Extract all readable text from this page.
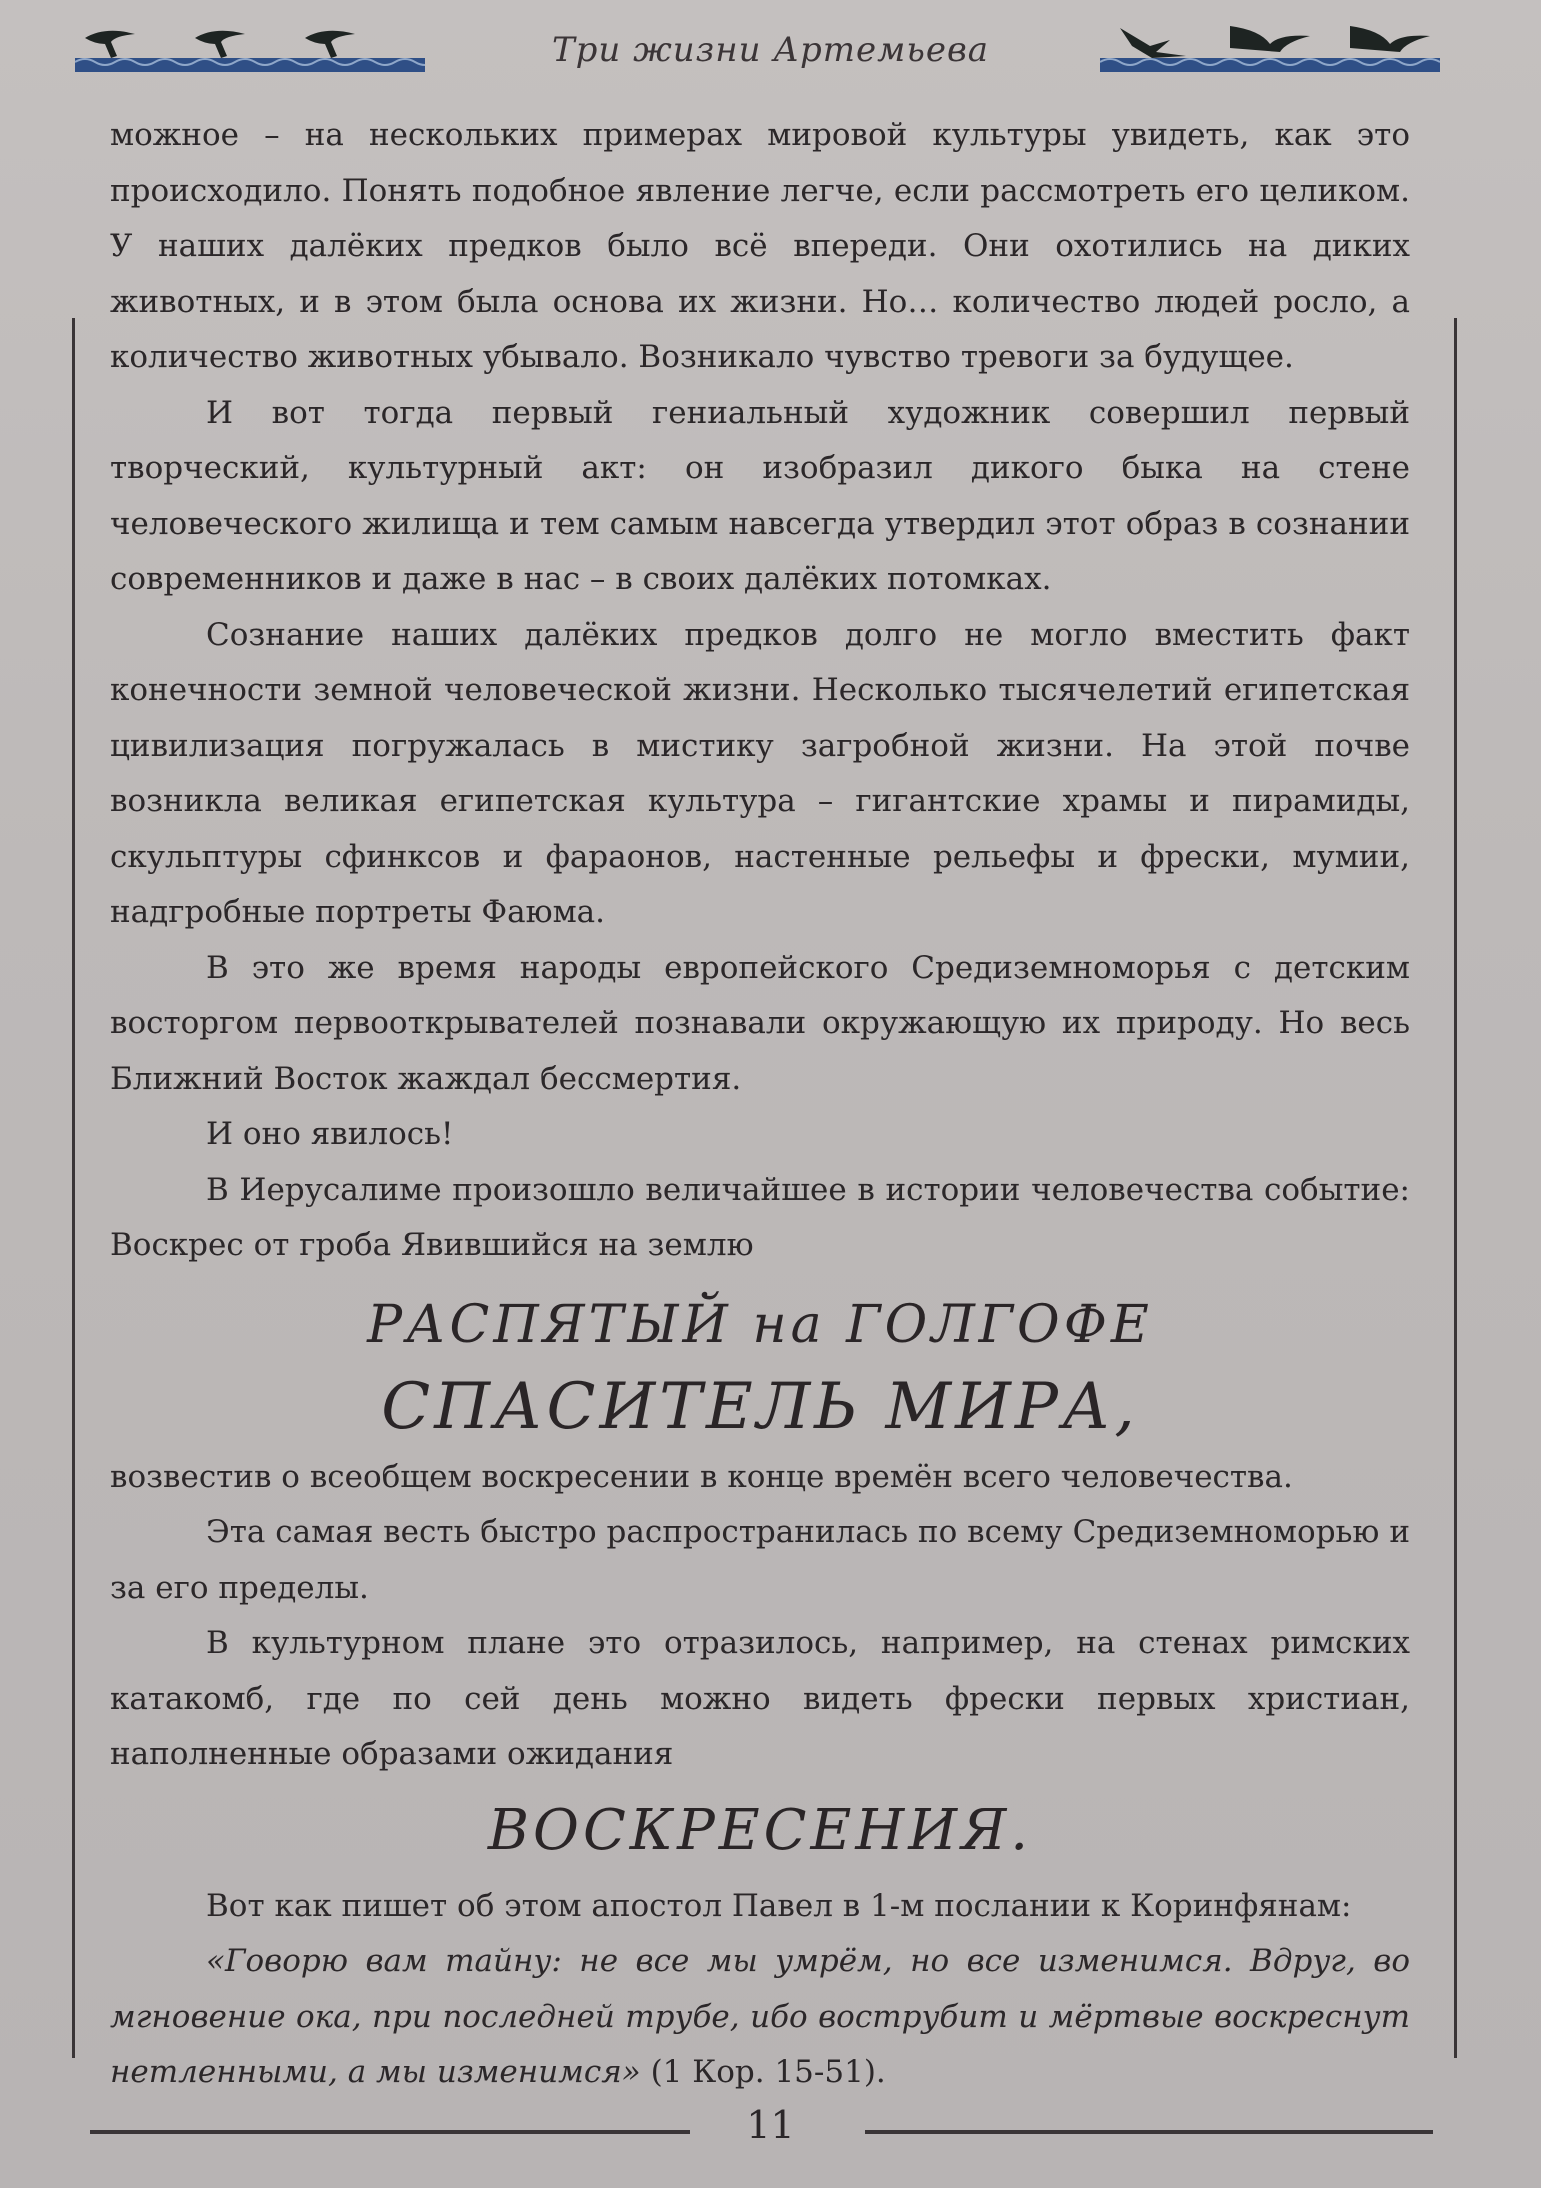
Три жизни Артемьева

можное – на нескольких примерах мировой культуры увидеть, как это происходило. Понять подобное явление легче, если рассмотреть его целиком. У наших далёких предков было всё впереди. Они охотились на диких животных, и в этом была основа их жизни. Но… количество людей росло, а количество животных убывало. Возникало чувство тревоги за будущее.

И вот тогда первый гениальный художник совершил первый творческий, культурный акт: он изобразил дикого быка на стене человеческого жилища и тем самым навсегда утвердил этот образ в сознании современников и даже в нас – в своих далёких потомках.

Сознание наших далёких предков долго не могло вместить факт конечности земной человеческой жизни. Несколько тысячелетий египетская цивилизация погружалась в мистику загробной жизни. На этой почве возникла великая египетская культура – гигантские храмы и пирамиды, скульптуры сфинксов и фараонов, настенные рельефы и фрески, мумии, надгробные портреты Фаюма.

В это же время народы европейского Средиземноморья с детским восторгом первооткрывателей познавали окружающую их природу. Но весь Ближний Восток жаждал бессмертия.

И оно явилось!

В Иерусалиме произошло величайшее в истории человечества событие: Воскрес от гроба Явившийся на землю

РАСПЯТЫЙ на ГОЛГОФЕ
СПАСИТЕЛЬ МИРА,

возвестив о всеобщем воскресении в конце времён всего человечества.

Эта самая весть быстро распространилась по всему Средиземноморью и за его пределы.

В культурном плане это отразилось, например, на стенах римских катакомб, где по сей день можно видеть фрески первых христиан, наполненные образами ожидания

ВОСКРЕСЕНИЯ.

Вот как пишет об этом апостол Павел в 1-м послании к Коринфянам:

«Говорю вам тайну: не все мы умрём, но все изменимся. Вдруг, во мгновение ока, при последней трубе, ибо вострубит и мёртвые воскреснут нетленными, а мы изменимся» (1 Кор. 15-51).

11
